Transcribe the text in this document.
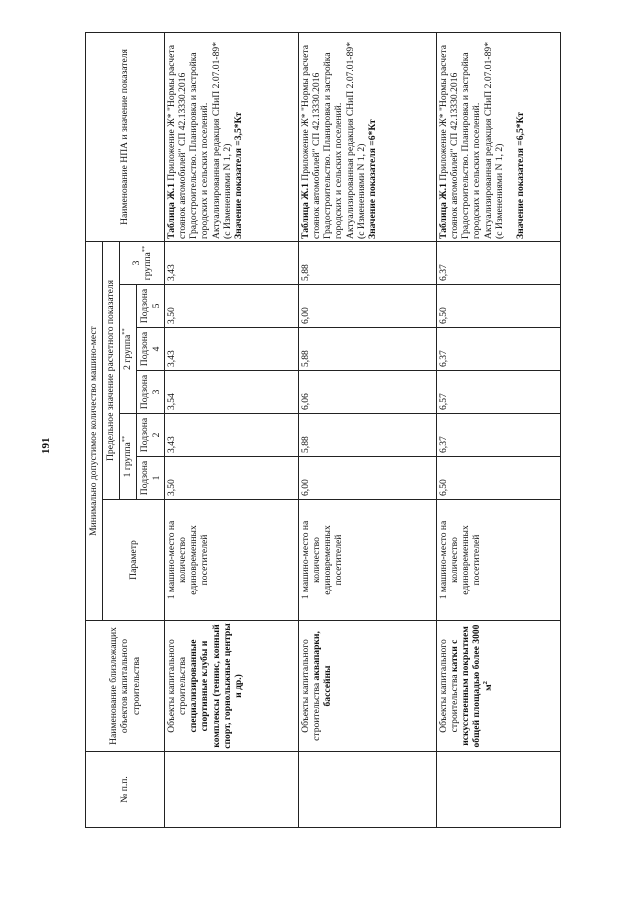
191
№ п.п.	Наименование близлежащих объектов капитального строительства	Минимально допустимое количество машино-мест							Наименование НПА и значение показателя
		Параметр	Предельное значение расчетного показателя						
			1 группа**		2 группа**			3 группа**
			Подзона 1	Подзона 2	Подзона 3	Подзона 4	Подзона 5		
	Объекты капитального строительства специализированные спортивные клубы и комплексы (теннис, конный спорт, горнолыжные центры и др.)	1 машино-место на количество единовременных посетителей	3,50	3,43	3,54	3,43	3,50	3,43	Таблица Ж.1 Приложение Ж* "Нормы расчета стоянок автомобилей" СП 42.13330.2016 Градостроительство. Планировка и застройка городских и сельских поселений. Актуализированная редакция СНиП 2.07.01-89* (с Изменениями N 1, 2) Значение показателя =3,5*Кт

	Объекты капитального строительства аквапарки, бассейны	1 машино-место на количество единовременных посетителей	6,00	5,88	6,06	5,88	6,00	5,88	Таблица Ж.1 Приложение Ж* "Нормы расчета стоянок автомобилей" СП 42.13330.2016 Градостроительство. Планировка и застройка городских и сельских поселений. Актуализированная редакция СНиП 2.07.01-89* (с Изменениями N 1, 2) Значение показателя =6*Кт

	Объекты капитального строительства катки с искусственным покрытием общей площадью более 3000 $м^2$	1 машино-место на количество единовременных посетителей	6,50	6,37	6,57	6,37	6,50	6,37	Таблица Ж.1 Приложение Ж* "Нормы расчета стоянок автомобилей" СП 42.13330.2016 Градостроительство. Планировка и застройка городских и сельских поселений. Актуализированная редакция СНиП 2.07.01-89* (с Изменениями N 1, 2) Значение показателя =6,5*Кт
